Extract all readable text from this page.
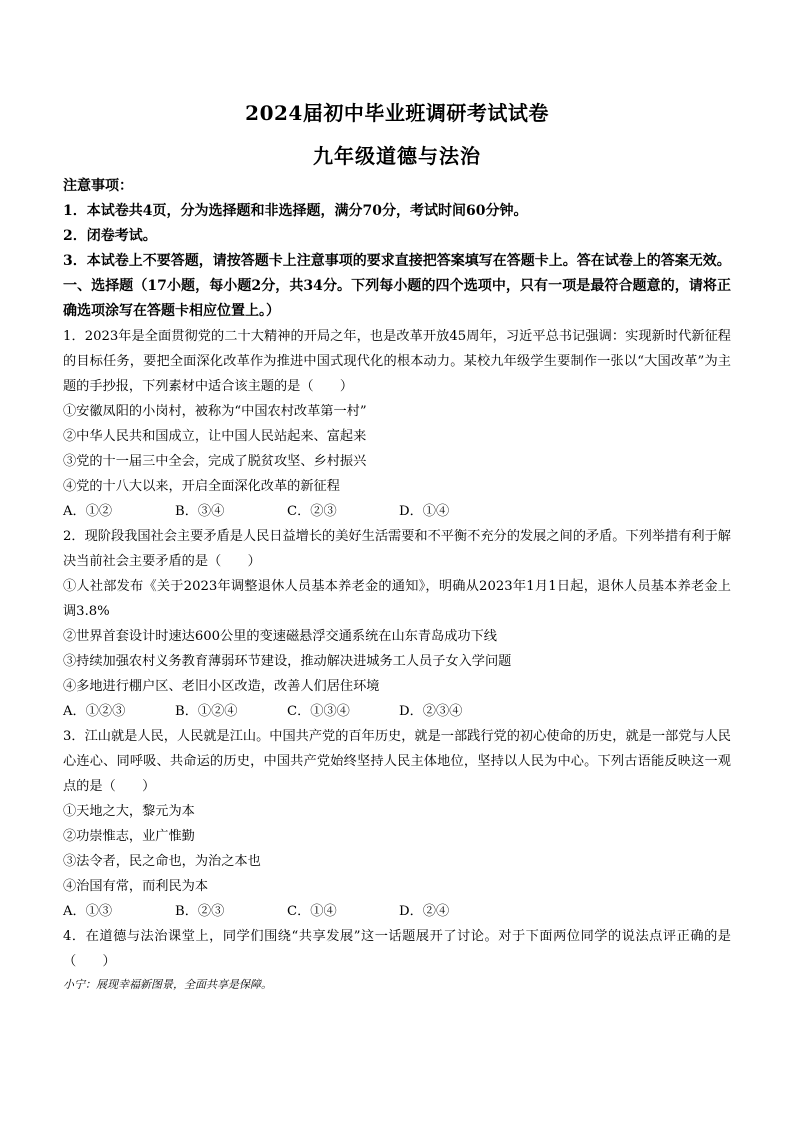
2024届初中毕业班调研考试试卷
九年级道德与法治

注意事项：

1．本试卷共4页，分为选择题和非选择题，满分70分，考试时间60分钟。

2．闭卷考试。

3．本试卷上不要答题，请按答题卡上注意事项的要求直接把答案填写在答题卡上。答在试卷上的答案无效。

一、选择题（17小题，每小题2分，共34分。下列每小题的四个选项中，只有一项是最符合题意的，请将正确选项涂写在答题卡相应位置上。）

1．2023年是全面贯彻党的二十大精神的开局之年，也是改革开放45周年，习近平总书记强调：实现新时代新征程的目标任务，要把全面深化改革作为推进中国式现代化的根本动力。某校九年级学生要制作一张以“大国改革”为主题的手抄报，下列素材中适合该主题的是（　　）

①安徽凤阳的小岗村，被称为“中国农村改革第一村”

②中华人民共和国成立，让中国人民站起来、富起来

③党的十一届三中全会，完成了脱贫攻坚、乡村振兴

④党的十八大以来，开启全面深化改革的新征程

A．①②	B．③④	C．②③	D．①④

2．现阶段我国社会主要矛盾是人民日益增长的美好生活需要和不平衡不充分的发展之间的矛盾。下列举措有利于解决当前社会主要矛盾的是（　　）

①人社部发布《关于2023年调整退休人员基本养老金的通知》，明确从2023年1月1日起，退休人员基本养老金上调3.8%

②世界首套设计时速达600公里的变速磁悬浮交通系统在山东青岛成功下线

③持续加强农村义务教育薄弱环节建设，推动解决进城务工人员子女入学问题

④多地进行棚户区、老旧小区改造，改善人们居住环境

A．①②③	B．①②④	C．①③④	D．②③④

3．江山就是人民，人民就是江山。中国共产党的百年历史，就是一部践行党的初心使命的历史，就是一部党与人民心连心、同呼吸、共命运的历史，中国共产党始终坚持人民主体地位，坚持以人民为中心。下列古语能反映这一观点的是（　　）

①天地之大，黎元为本

②功崇惟志，业广惟勤

③法令者，民之命也，为治之本也

④治国有常，而利民为本

A．①③	B．②③	C．①④	D．②④

4．在道德与法治课堂上，同学们围绕“共享发展”这一话题展开了讨论。对于下面两位同学的说法点评正确的是（　　）

小宁：展现幸福新图景，全面共享是保障。
